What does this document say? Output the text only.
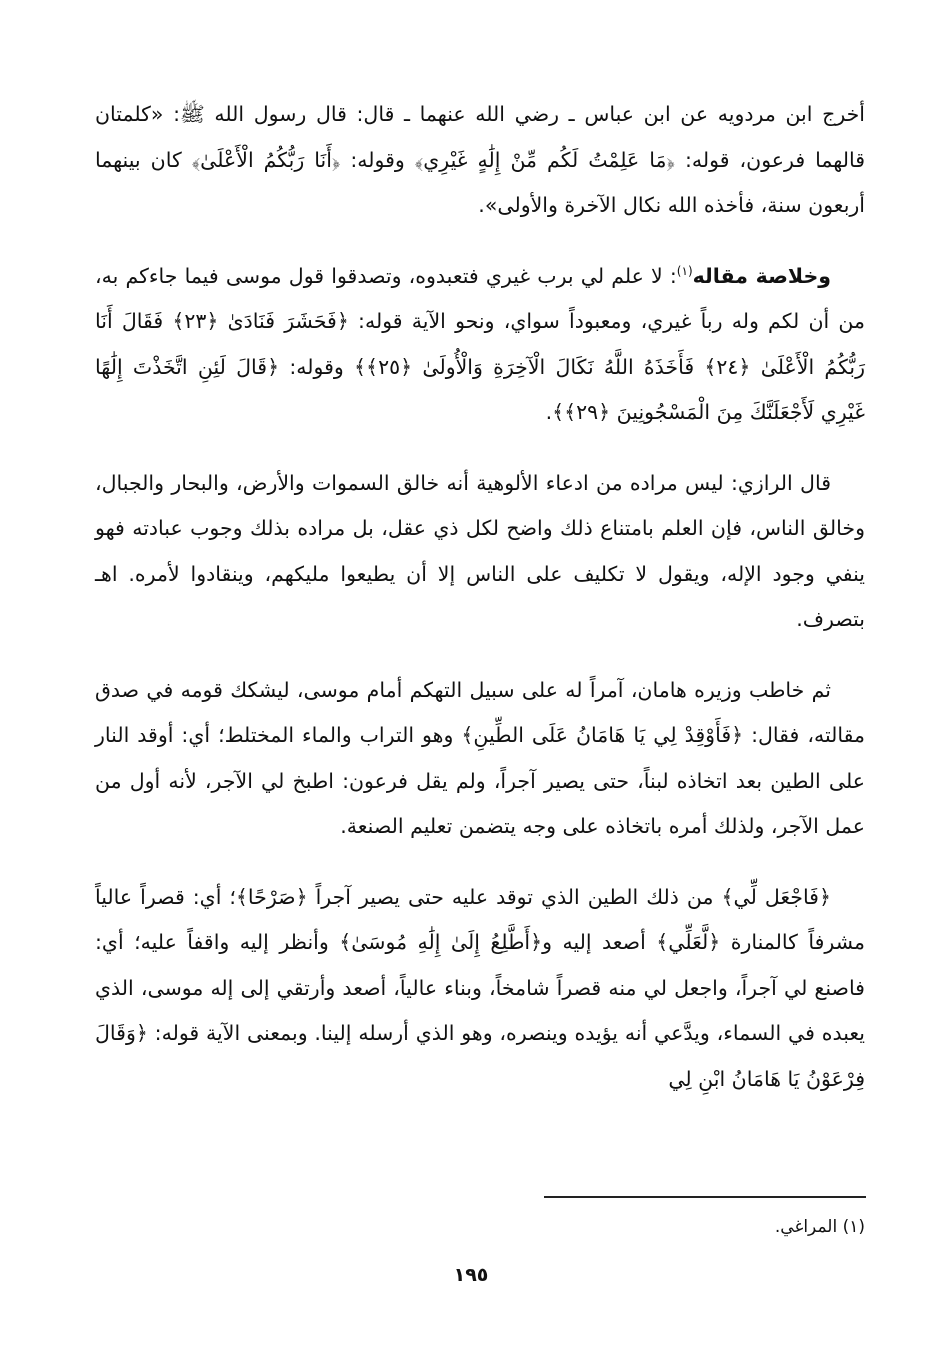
أخرج ابن مردويه عن ابن عباس ـ رضي الله عنهما ـ قال: قال رسول الله ﷺ: «كلمتان قالهما فرعون، قوله: ﴿مَا عَلِمْتُ لَكُم مِّنْ إِلَٰهٍ غَيْرِي﴾ وقوله: ﴿أَنَا رَبُّكُمُ الْأَعْلَىٰ﴾ كان بينهما أربعون سنة، فأخذه الله نكال الآخرة والأولى».

وخلاصة مقاله$^{(١)}$: لا علم لي برب غيري فتعبدوه، وتصدقوا قول موسى فيما جاءكم به، من أن لكم وله رباً غيري، ومعبوداً سواي، ونحو الآية قوله: ﴿فَحَشَرَ فَنَادَىٰ ﴿٢٣﴾ فَقَالَ أَنَا رَبُّكُمُ الْأَعْلَىٰ ﴿٢٤﴾ فَأَخَذَهُ اللَّهُ نَكَالَ الْآخِرَةِ وَالْأُولَىٰ ﴿٢٥﴾﴾ وقوله: ﴿قَالَ لَئِنِ اتَّخَذْتَ إِلَٰهًا غَيْرِي لَأَجْعَلَنَّكَ مِنَ الْمَسْجُونِينَ ﴿٢٩﴾﴾.

قال الرازي: ليس مراده من ادعاء الألوهية أنه خالق السموات والأرض، والبحار والجبال، وخالق الناس، فإن العلم بامتناع ذلك واضح لكل ذي عقل، بل مراده بذلك وجوب عبادته فهو ينفي وجود الإله، ويقول لا تكليف على الناس إلا أن يطيعوا مليكهم، وينقادوا لأمره. اهـ بتصرف.

ثم خاطب وزيره هامان، آمراً له على سبيل التهكم أمام موسى، ليشكك قومه في صدق مقالته، فقال: ﴿فَأَوْقِدْ لِي يَا هَامَانُ عَلَى الطِّينِ﴾ وهو التراب والماء المختلط؛ أي: أوقد النار على الطين بعد اتخاذه لبناً، حتى يصير آجراً، ولم يقل فرعون: اطبخ لي الآجر، لأنه أول من عمل الآجر، ولذلك أمره باتخاذه على وجه يتضمن تعليم الصنعة.

﴿فَاجْعَل لِّي﴾ من ذلك الطين الذي توقد عليه حتى يصير آجراً ﴿صَرْحًا﴾؛ أي: قصراً عالياً مشرفاً كالمنارة ﴿لَّعَلِّي﴾ أصعد إليه و﴿أَطَّلِعُ إِلَىٰ إِلَٰهِ مُوسَىٰ﴾ وأنظر إليه واقفاً عليه؛ أي: فاصنع لي آجراً، واجعل لي منه قصراً شامخاً، وبناء عالياً، أصعد وأرتقي إلى إله موسى، الذي يعبده في السماء، ويدَّعي أنه يؤيده وينصره، وهو الذي أرسله إلينا. وبمعنى الآية قوله: ﴿وَقَالَ فِرْعَوْنُ يَا هَامَانُ ابْنِ لِي

(١) المراغي.
١٩٥
